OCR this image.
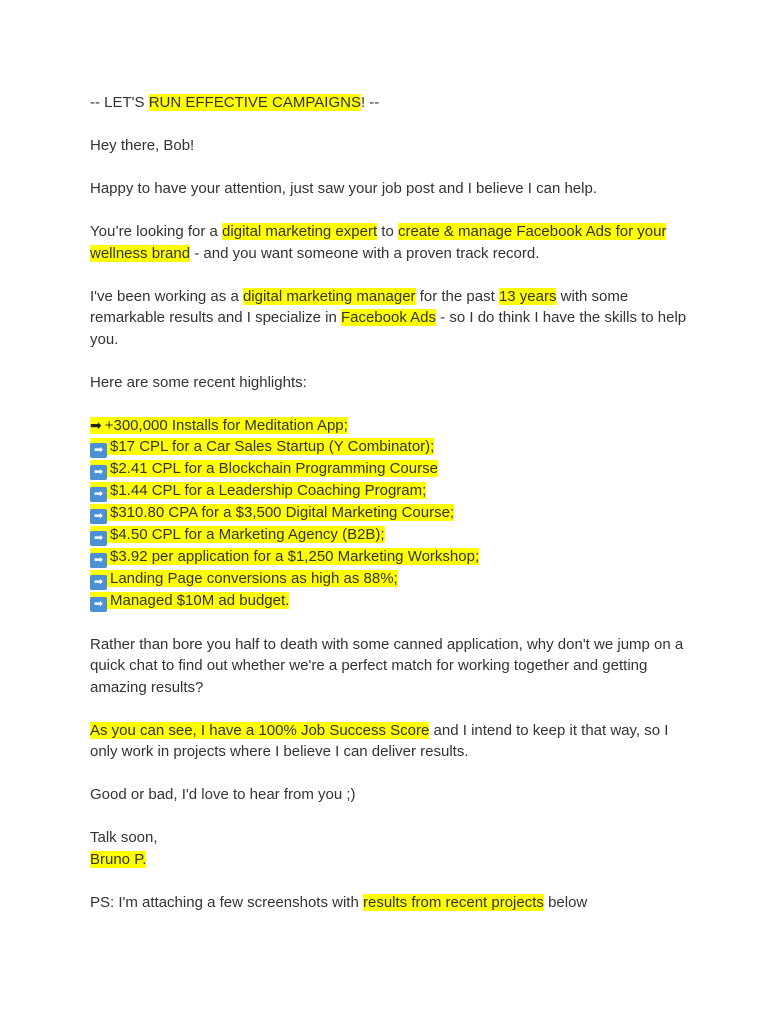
-- LET'S RUN EFFECTIVE CAMPAIGNS! --

Hey there, Bob!

Happy to have your attention, just saw your job post and I believe I can help.

You’re looking for a digital marketing expert to create & manage Facebook Ads for your wellness brand - and you want someone with a proven track record.

I've been working as a digital marketing manager for the past 13 years with some remarkable results and I specialize in Facebook Ads - so I do think I have the skills to help you.

Here are some recent highlights:

➡ +300,000 Installs for Meditation App;
➡ $17 CPL for a Car Sales Startup (Y Combinator);
➡ $2.41 CPL for a Blockchain Programming Course
➡ $1.44 CPL for a Leadership Coaching Program;
➡ $310.80 CPA for a $3,500 Digital Marketing Course;
➡ $4.50 CPL for a Marketing Agency (B2B);
➡ $3.92 per application for a $1,250 Marketing Workshop;
➡ Landing Page conversions as high as 88%;
➡ Managed $10M ad budget.

Rather than bore you half to death with some canned application, why don't we jump on a quick chat to find out whether we're a perfect match for working together and getting amazing results?

As you can see, I have a 100% Job Success Score and I intend to keep it that way, so I only work in projects where I believe I can deliver results.

Good or bad, I'd love to hear from you ;)

Talk soon,
Bruno P.

PS: I'm attaching a few screenshots with results from recent projects below
